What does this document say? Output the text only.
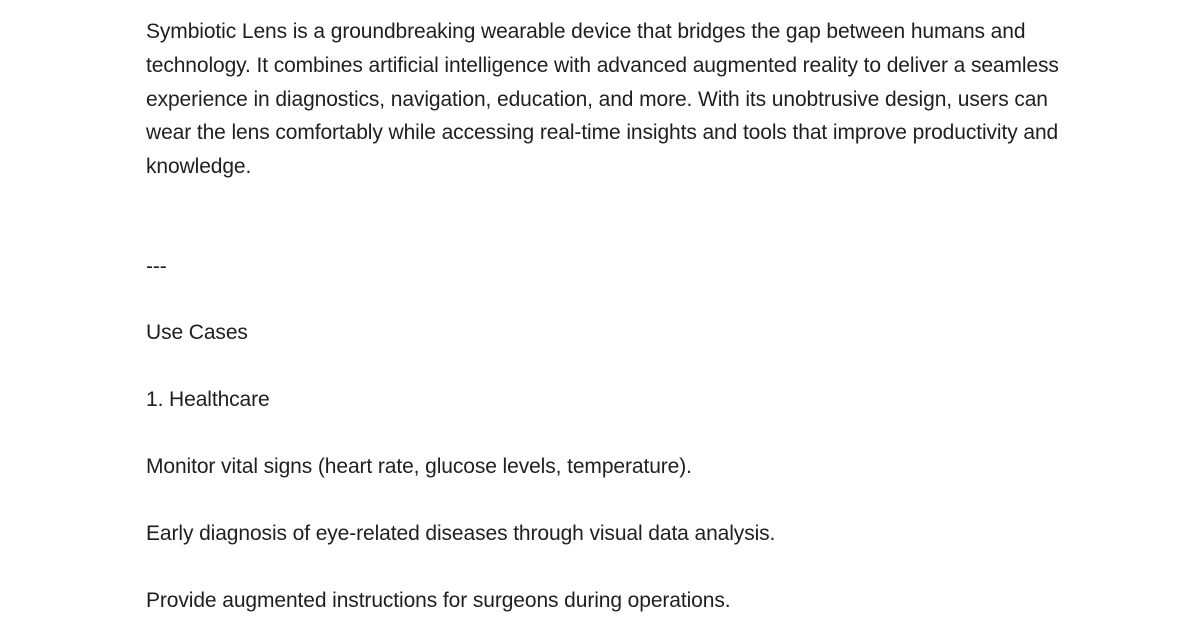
Symbiotic Lens is a groundbreaking wearable device that bridges the gap between humans and technology. It combines artificial intelligence with advanced augmented reality to deliver a seamless experience in diagnostics, navigation, education, and more. With its unobtrusive design, users can wear the lens comfortably while accessing real-time insights and tools that improve productivity and knowledge.

---
Use Cases
1. Healthcare
Monitor vital signs (heart rate, glucose levels, temperature).
Early diagnosis of eye-related diseases through visual data analysis.
Provide augmented instructions for surgeons during operations.
